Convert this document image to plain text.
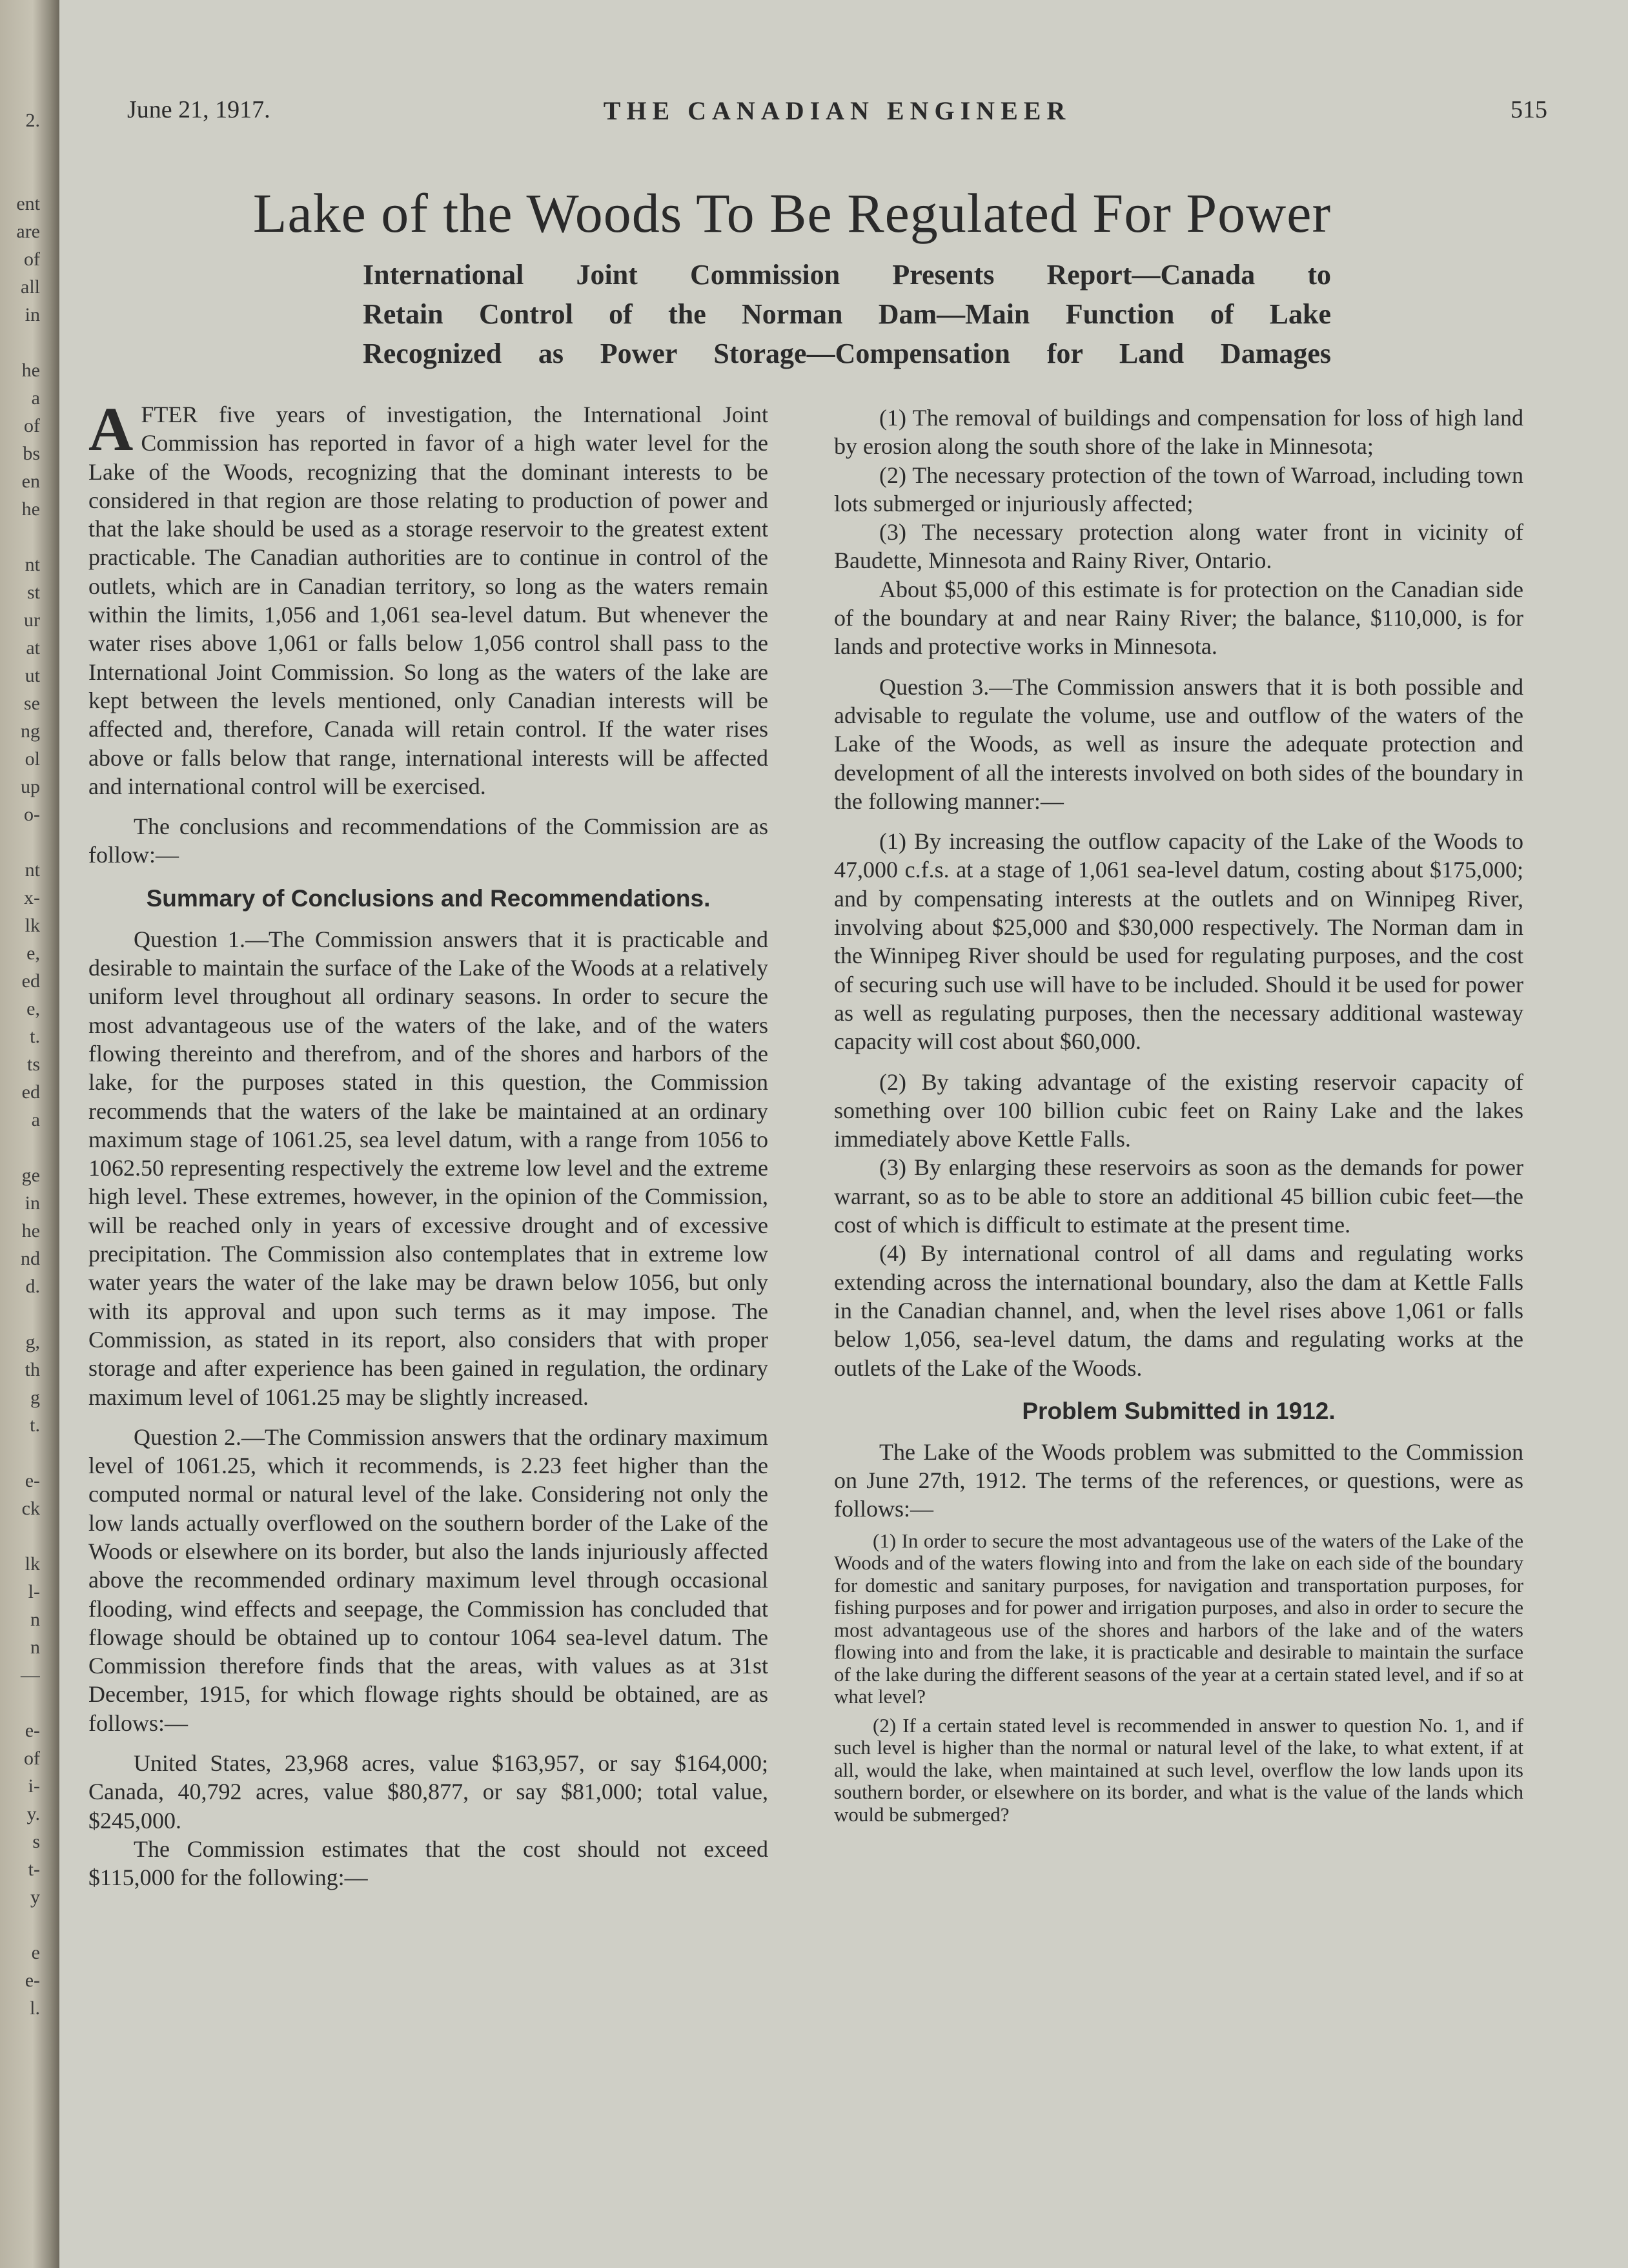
2.
ent
are
of
all
in
he
a
of
bs
en
he
nt
st
ur
at
ut
se
ng
ol
up
o-
nt
x-
lk
e,
ed
e,
t.
ts
ed
a
ge
in
he
nd
d.
g,
th
g
t.
e-
ck
lk
l-
n
n
—
e-
of
i-
y.
s
t-
y
e
e-
l.
June 21, 1917.	THE CANADIAN ENGINEER	515
Lake of the Woods To Be Regulated For Power
International Joint Commission Presents Report—Canada to
Retain Control of the Norman Dam—Main Function of Lake
Recognized as Power Storage—Compensation for Land Damages

AFTER five years of investigation, the International Joint Commission has reported in favor of a high water level for the Lake of the Woods, recognizing that the dominant interests to be considered in that region are those relating to production of power and that the lake should be used as a storage reservoir to the greatest extent practicable. The Canadian authorities are to continue in control of the outlets, which are in Canadian territory, so long as the waters remain within the limits, 1,056 and 1,061 sea-level datum. But whenever the water rises above 1,061 or falls below 1,056 control shall pass to the International Joint Commission. So long as the waters of the lake are kept between the levels mentioned, only Canadian interests will be affected and, therefore, Canada will retain control. If the water rises above or falls below that range, international interests will be affected and international control will be exercised.

The conclusions and recommendations of the Commission are as follow:—

Summary of Conclusions and Recommendations.

Question 1.—The Commission answers that it is practicable and desirable to maintain the surface of the Lake of the Woods at a relatively uniform level throughout all ordinary seasons. In order to secure the most advantageous use of the waters of the lake, and of the waters flowing thereinto and therefrom, and of the shores and harbors of the lake, for the purposes stated in this question, the Commission recommends that the waters of the lake be maintained at an ordinary maximum stage of 1061.25, sea level datum, with a range from 1056 to 1062.50 representing respectively the extreme low level and the extreme high level. These extremes, however, in the opinion of the Commission, will be reached only in years of excessive drought and of excessive precipitation. The Commission also contemplates that in extreme low water years the water of the lake may be drawn below 1056, but only with its approval and upon such terms as it may impose. The Commission, as stated in its report, also considers that with proper storage and after experience has been gained in regulation, the ordinary maximum level of 1061.25 may be slightly increased.

Question 2.—The Commission answers that the ordinary maximum level of 1061.25, which it recommends, is 2.23 feet higher than the computed normal or natural level of the lake. Considering not only the low lands actually overflowed on the southern border of the Lake of the Woods or elsewhere on its border, but also the lands injuriously affected above the recommended ordinary maximum level through occasional flooding, wind effects and seepage, the Commission has concluded that flowage should be obtained up to contour 1064 sea-level datum. The Commission therefore finds that the areas, with values as at 31st December, 1915, for which flowage rights should be obtained, are as follows:—

United States, 23,968 acres, value $163,957, or say $164,000; Canada, 40,792 acres, value $80,877, or say $81,000; total value, $245,000.

The Commission estimates that the cost should not exceed $115,000 for the following:—

(1) The removal of buildings and compensation for loss of high land by erosion along the south shore of the lake in Minnesota;

(2) The necessary protection of the town of Warroad, including town lots submerged or injuriously affected;

(3) The necessary protection along water front in vicinity of Baudette, Minnesota and Rainy River, Ontario.

About $5,000 of this estimate is for protection on the Canadian side of the boundary at and near Rainy River; the balance, $110,000, is for lands and protective works in Minnesota.

Question 3.—The Commission answers that it is both possible and advisable to regulate the volume, use and outflow of the waters of the Lake of the Woods, as well as insure the adequate protection and development of all the interests involved on both sides of the boundary in the following manner:—

(1) By increasing the outflow capacity of the Lake of the Woods to 47,000 c.f.s. at a stage of 1,061 sea-level datum, costing about $175,000; and by compensating interests at the outlets and on Winnipeg River, involving about $25,000 and $30,000 respectively. The Norman dam in the Winnipeg River should be used for regulating purposes, and the cost of securing such use will have to be included. Should it be used for power as well as regulating purposes, then the necessary additional wasteway capacity will cost about $60,000.

(2) By taking advantage of the existing reservoir capacity of something over 100 billion cubic feet on Rainy Lake and the lakes immediately above Kettle Falls.

(3) By enlarging these reservoirs as soon as the demands for power warrant, so as to be able to store an additional 45 billion cubic feet—the cost of which is difficult to estimate at the present time.

(4) By international control of all dams and regulating works extending across the international boundary, also the dam at Kettle Falls in the Canadian channel, and, when the level rises above 1,061 or falls below 1,056, sea-level datum, the dams and regulating works at the outlets of the Lake of the Woods.

Problem Submitted in 1912.

The Lake of the Woods problem was submitted to the Commission on June 27th, 1912. The terms of the references, or questions, were as follows:—

(1) In order to secure the most advantageous use of the waters of the Lake of the Woods and of the waters flowing into and from the lake on each side of the boundary for domestic and sanitary purposes, for navigation and transportation purposes, for fishing purposes and for power and irrigation purposes, and also in order to secure the most advantageous use of the shores and harbors of the lake and of the waters flowing into and from the lake, it is practicable and desirable to maintain the surface of the lake during the different seasons of the year at a certain stated level, and if so at what level?

(2) If a certain stated level is recommended in answer to question No. 1, and if such level is higher than the normal or natural level of the lake, to what extent, if at all, would the lake, when maintained at such level, overflow the low lands upon its southern border, or elsewhere on its border, and what is the value of the lands which would be submerged?
